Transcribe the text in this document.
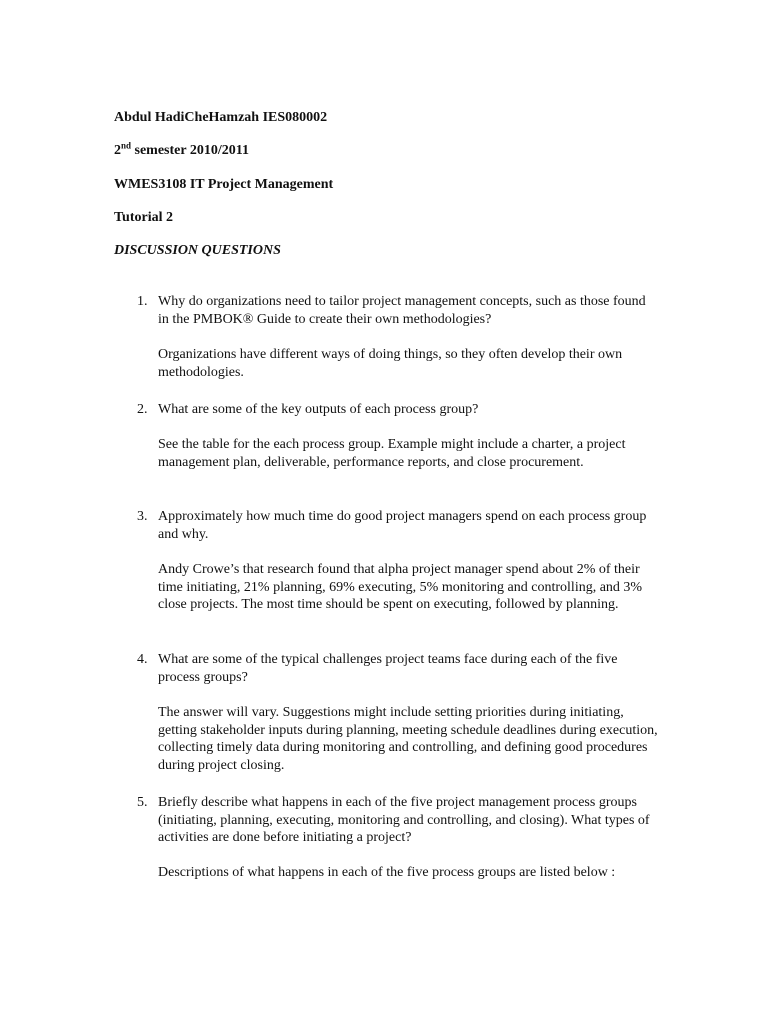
Abdul HadiCheHamzah IES080002
2nd semester 2010/2011
WMES3108 IT Project Management
Tutorial 2
DISCUSSION QUESTIONS
1. Why do organizations need to tailor project management concepts, such as those found in the PMBOK® Guide to create their own methodologies?
Organizations have different ways of doing things, so they often develop their own methodologies.
2. What are some of the key outputs of each process group?
See the table for the each process group. Example might include a charter, a project management plan, deliverable, performance reports, and close procurement.
3. Approximately how much time do good project managers spend on each process group and why.
Andy Crowe’s that research found that alpha project manager spend about 2% of their time initiating, 21% planning, 69% executing, 5% monitoring and controlling, and 3% close projects. The most time should be spent on executing, followed by planning.
4. What are some of the typical challenges project teams face during each of the five process groups?
The answer will vary. Suggestions might include setting priorities during initiating, getting stakeholder inputs during planning, meeting schedule deadlines during execution, collecting timely data during monitoring and controlling, and defining good procedures during project closing.
5. Briefly describe what happens in each of the five project management process groups (initiating, planning, executing, monitoring and controlling, and closing). What types of activities are done before initiating a project?
Descriptions of what happens in each of the five process groups are listed below :
